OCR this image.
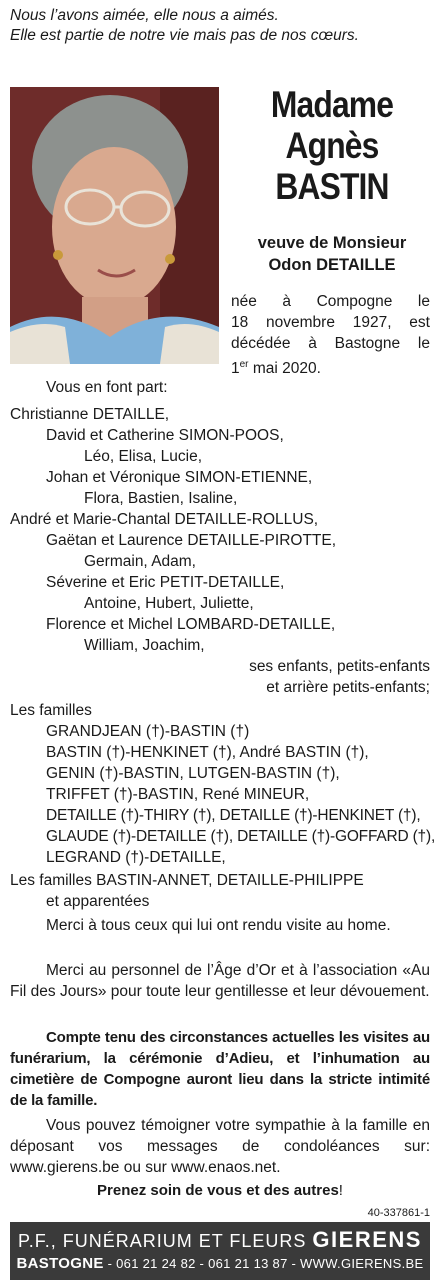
Nous l’avons aimée, elle nous a aimés.
Elle est partie de notre vie mais pas de nos cœurs.
Madame
Agnès
BASTIN
veuve de Monsieur
Odon DETAILLE
née à Compogne le
18 novembre 1927, est
décédée à Bastogne le
1er mai 2020.
Vous en font part:
Christianne DETAILLE,
David et Catherine SIMON-POOS,
Léo, Elisa, Lucie,
Johan et Véronique SIMON-ETIENNE,
Flora, Bastien, Isaline,
André et Marie-Chantal DETAILLE-ROLLUS,
Gaëtan et Laurence DETAILLE-PIROTTE,
Germain, Adam,
Séverine et Eric PETIT-DETAILLE,
Antoine, Hubert, Juliette,
Florence et Michel LOMBARD-DETAILLE,
William, Joachim,
ses enfants, petits-enfants
et arrière petits-enfants;
Les familles
GRANDJEAN (†)-BASTIN (†)
BASTIN (†)-HENKINET (†), André BASTIN (†),
GENIN (†)-BASTIN, LUTGEN-BASTIN (†),
TRIFFET (†)-BASTIN, René MINEUR,
DETAILLE (†)-THIRY (†), DETAILLE (†)-HENKINET (†),
GLAUDE (†)-DETAILLE (†), DETAILLE (†)-GOFFARD (†),
LEGRAND (†)-DETAILLE,
Les familles BASTIN-ANNET, DETAILLE-PHILIPPE
et apparentées
Merci à tous ceux qui lui ont rendu visite au home.
Merci au personnel de l’Âge d’Or et à l’association «Au Fil des Jours» pour toute leur gentillesse et leur dévouement.
Compte tenu des circonstances actuelles les visites au funérarium, la cérémonie d’Adieu, et l’inhumation au cimetière de Compogne auront lieu dans la stricte intimité de la famille.
Vous pouvez témoigner votre sympathie à la famille en déposant vos messages de condoléances sur: www.gierens.be ou sur www.enaos.net.
Prenez soin de vous et des autres!
40-337861-1
P.F., FUNÉRARIUM ET FLEURS GIERENS
BASTOGNE - 061 21 24 82 - 061 21 13 87 - WWW.GIERENS.BE
